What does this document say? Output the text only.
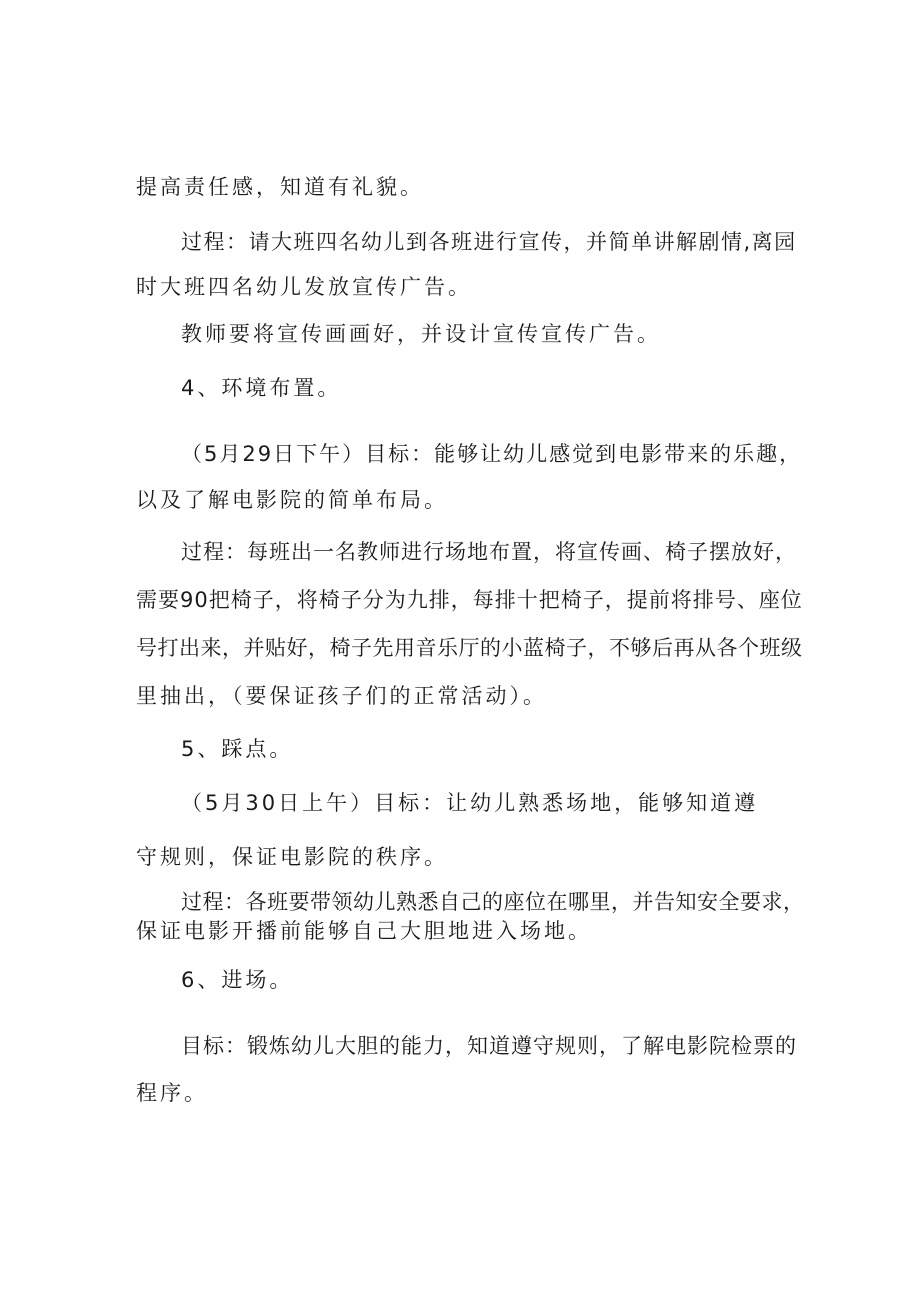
提高责任感，知道有礼貌。
过程：请大班四名幼儿到各班进行宣传，并简单讲解剧情,离园
时大班四名幼儿发放宣传广告。
教师要将宣传画画好，并设计宣传宣传广告。
4、环境布置。
（5月29日下午）目标：能够让幼儿感觉到电影带来的乐趣，
以及了解电影院的简单布局。
过程：每班出一名教师进行场地布置，将宣传画、椅子摆放好，
需要90把椅子，将椅子分为九排，每排十把椅子，提前将排号、座位
号打出来，并贴好，椅子先用音乐厅的小蓝椅子，不够后再从各个班级
里抽出，（要保证孩子们的正常活动）。
5、踩点。
（5月30日上午）目标：让幼儿熟悉场地，能够知道遵
守规则，保证电影院的秩序。
过程：各班要带领幼儿熟悉自己的座位在哪里，并告知安全要求，
保证电影开播前能够自己大胆地进入场地。
6、进场。
目标：锻炼幼儿大胆的能力，知道遵守规则，了解电影院检票的
程序。
